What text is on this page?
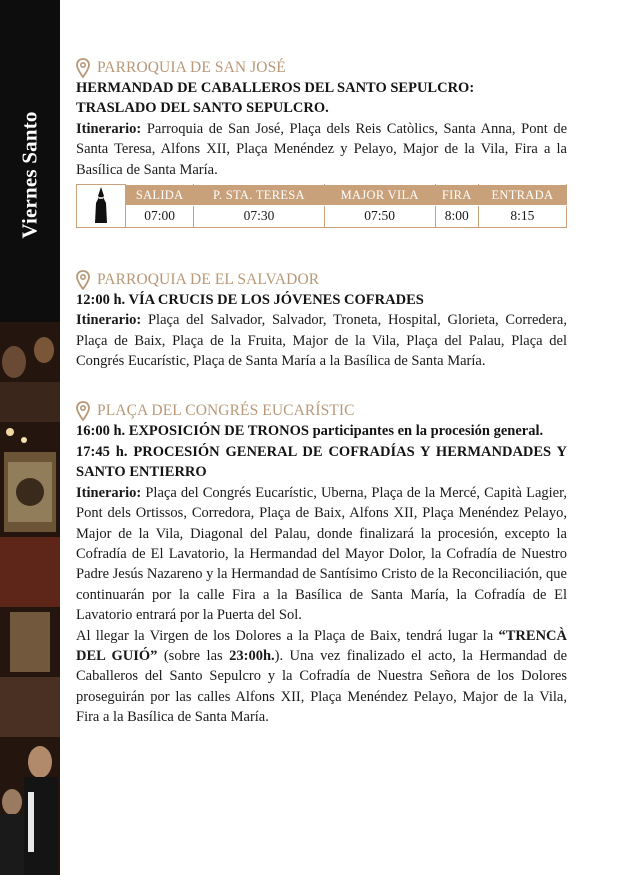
Viernes Santo
PARROQUIA DE SAN JOSÉ
HERMANDAD DE CABALLEROS DEL SANTO SEPULCRO:
TRASLADO DEL SANTO SEPULCRO.
Itinerario: Parroquia de San José, Plaça dels Reis Catòlics, Santa Anna, Pont de Santa Teresa, Alfons XII, Plaça Menéndez y Pelayo, Major de la Vila, Fira a la Basílica de Santa María.
	SALIDA	P. STA. TERESA	MAJOR VILA	FIRA	ENTRADA
	07:00	07:30	07:50	8:00	8:15
PARROQUIA DE EL SALVADOR
12:00 h. VÍA CRUCIS DE LOS JÓVENES COFRADES
Itinerario: Plaça del Salvador, Salvador, Troneta, Hospital, Glorieta, Corredera, Plaça de Baix, Plaça de la Fruita, Major de la Vila, Plaça del Palau, Plaça del Congrés Eucarístic, Plaça de Santa María a la Basílica de Santa María.
PLAÇA DEL CONGRÉS EUCARÍSTIC
16:00 h. EXPOSICIÓN DE TRONOS participantes en la procesión general.
17:45 h. PROCESIÓN GENERAL DE COFRADÍAS Y HERMANDADES Y SANTO ENTIERRO
Itinerario: Plaça del Congrés Eucarístic, Uberna, Plaça de la Mercé, Capità Lagier, Pont dels Ortissos, Corredora, Plaça de Baix, Alfons XII, Plaça Menéndez Pelayo, Major de la Vila, Diagonal del Palau, donde finalizará la procesión, excepto la Cofradía de El Lavatorio, la Hermandad del Mayor Dolor, la Cofradía de Nuestro Padre Jesús Nazareno y la Hermandad de Santísimo Cristo de la Reconciliación, que continuarán por la calle Fira a la Basílica de Santa María, la Cofradía de El Lavatorio entrará por la Puerta del Sol.
Al llegar la Virgen de los Dolores a la Plaça de Baix, tendrá lugar la “TRENCÀ DEL GUIÓ” (sobre las 23:00h.). Una vez finalizado el acto, la Hermandad de Caballeros del Santo Sepulcro y la Cofradía de Nuestra Señora de los Dolores proseguirán por las calles Alfons XII, Plaça Menéndez Pelayo, Major de la Vila, Fira a la Basílica de Santa María.
